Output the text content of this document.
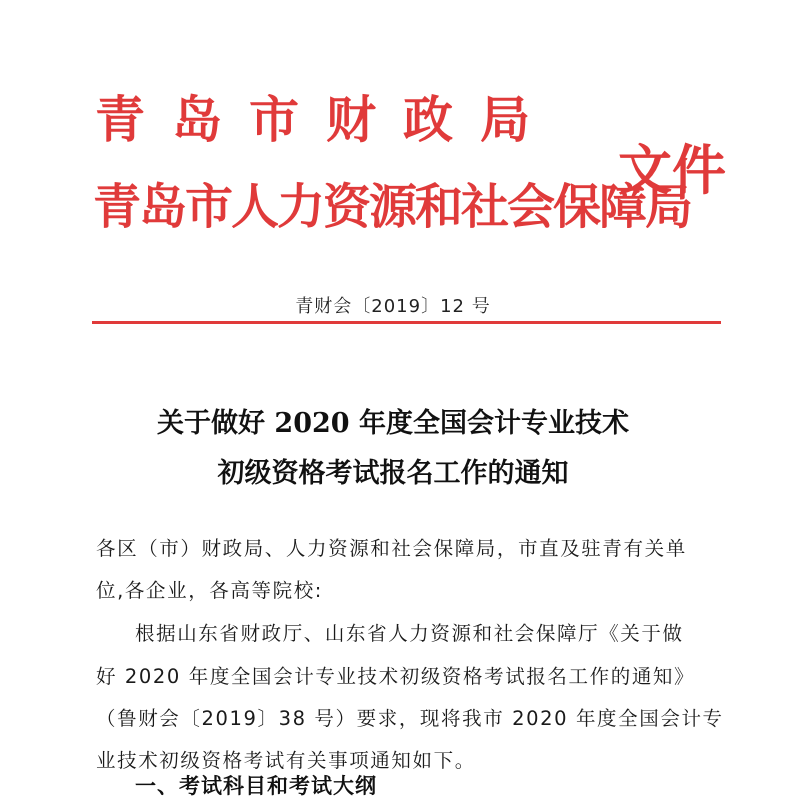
青岛市财政局
青岛市人力资源和社会保障局
文件
青财会〔2019〕12 号
关于做好 2020 年度全国会计专业技术
初级资格考试报名工作的通知
各区（市）财政局、人力资源和社会保障局，市直及驻青有关单
位,各企业，各高等院校:
根据山东省财政厅、山东省人力资源和社会保障厅《关于做
好 2020 年度全国会计专业技术初级资格考试报名工作的通知》
（鲁财会〔2019〕38 号）要求，现将我市 2020 年度全国会计专
业技术初级资格考试有关事项通知如下。
一、考试科目和考试大纲
